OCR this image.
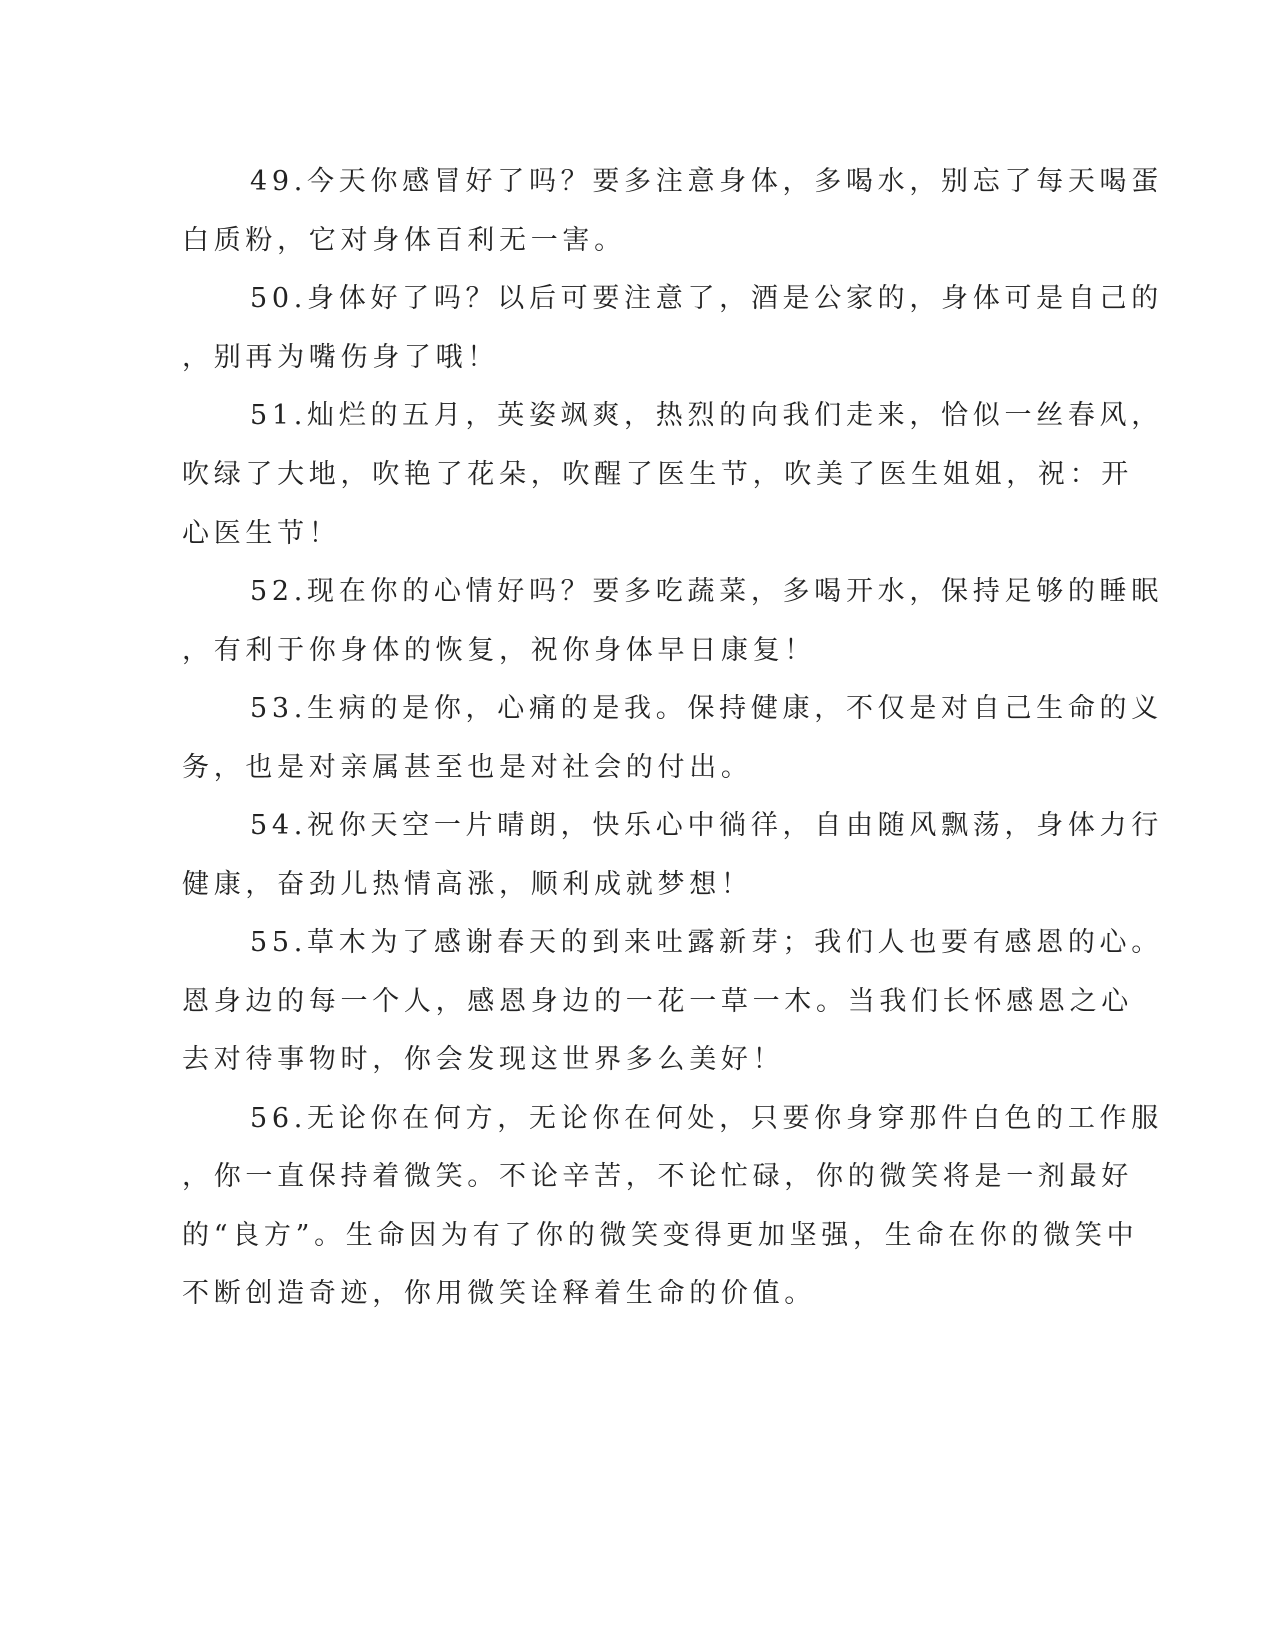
49.今天你感冒好了吗？要多注意身体，多喝水，别忘了每天喝蛋
白质粉，它对身体百利无一害。
50.身体好了吗？以后可要注意了，酒是公家的，身体可是自己的
，别再为嘴伤身了哦！
51.灿烂的五月，英姿飒爽，热烈的向我们走来，恰似一丝春风，
吹绿了大地，吹艳了花朵，吹醒了医生节，吹美了医生姐姐，祝：开
心医生节！
52.现在你的心情好吗？要多吃蔬菜，多喝开水，保持足够的睡眠
，有利于你身体的恢复，祝你身体早日康复！
53.生病的是你，心痛的是我。保持健康，不仅是对自己生命的义
务，也是对亲属甚至也是对社会的付出。
54.祝你天空一片晴朗，快乐心中徜徉，自由随风飘荡，身体力行
健康，奋劲儿热情高涨，顺利成就梦想！
55.草木为了感谢春天的到来吐露新芽；我们人也要有感恩的心。
恩身边的每一个人，感恩身边的一花一草一木。当我们长怀感恩之心
去对待事物时，你会发现这世界多么美好！
56.无论你在何方，无论你在何处，只要你身穿那件白色的工作服
，你一直保持着微笑。不论辛苦，不论忙碌，你的微笑将是一剂最好
的“良方”。生命因为有了你的微笑变得更加坚强，生命在你的微笑中
不断创造奇迹，你用微笑诠释着生命的价值。
